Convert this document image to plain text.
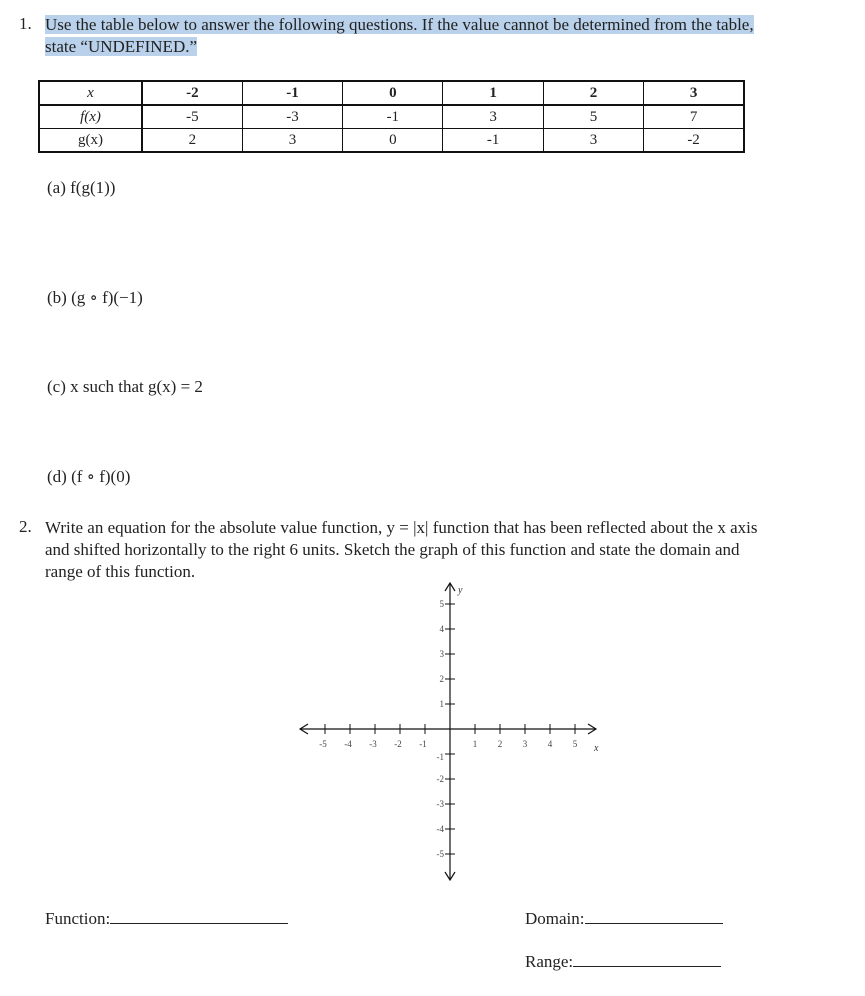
1. Use the table below to answer the following questions. If the value cannot be determined from the table,
state “UNDEFINED.”
x	-2	-1	0	1	2	3
f(x)	-5	-3	-1	3	5	7
g(x)	2	3	0	-1	3	-2
(a) f(g(1))
(b) (g ∘ f)(−1)
(c) x such that g(x) = 2
(d) (f ∘ f)(0)
2. Write an equation for the absolute value function, y = |x| function that has been reflected about the x axis
and shifted horizontally to the right 6 units. Sketch the graph of this function and state the domain and
range of this function.
-5 -4 -3 -2 -1	1 2 3 4 5
5
4
3
2
1
-1
-2
-3
-4
-5
x
y
Function:	Domain:
Range:
